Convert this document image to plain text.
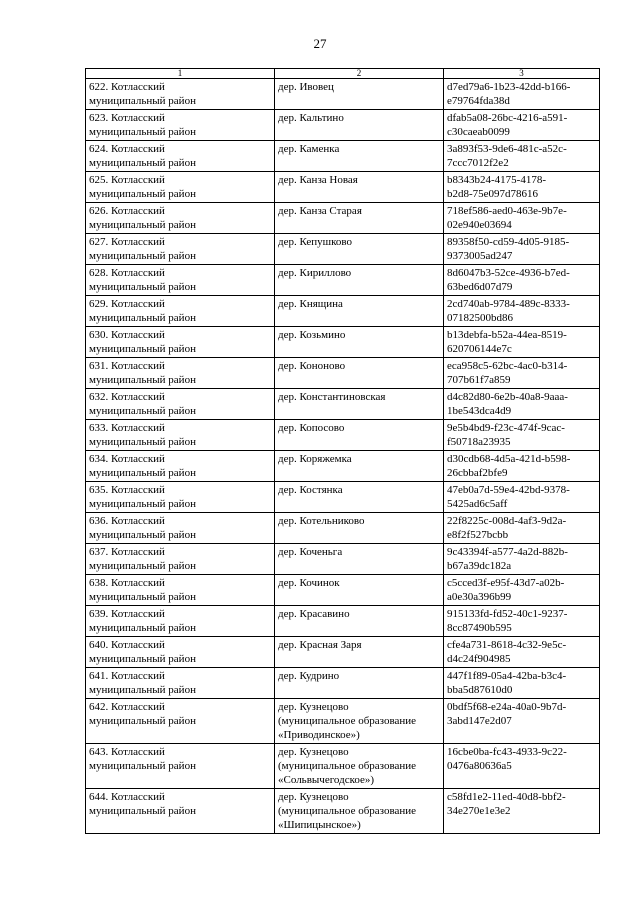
27
1	2	3

622. Котласский
муниципальный район	дер. Ивовец	d7ed79a6-1b23-42dd-b166-
e79764fda38d

623. Котласский
муниципальный район	дер. Кальтино	dfab5a08-26bc-4216-a591-
c30caeab0099

624. Котласский
муниципальный район	дер. Каменка	3a893f53-9de6-481c-a52c-
7ccc7012f2e2

625. Котласский
муниципальный район	дер. Канза Новая	b8343b24-4175-4178-
b2d8-75e097d78616

626. Котласский
муниципальный район	дер. Канза Старая	718ef586-aed0-463e-9b7e-
02e940e03694

627. Котласский
муниципальный район	дер. Кепушково	89358f50-cd59-4d05-9185-
9373005ad247

628. Котласский
муниципальный район	дер. Кириллово	8d6047b3-52ce-4936-b7ed-
63bed6d07d79

629. Котласский
муниципальный район	дер. Княщина	2cd740ab-9784-489c-8333-
07182500bd86

630. Котласский
муниципальный район	дер. Козьмино	b13debfa-b52a-44ea-8519-
620706144e7c

631. Котласский
муниципальный район	дер. Кононово	eca958c5-62bc-4ac0-b314-
707b61f7a859

632. Котласский
муниципальный район	дер. Константиновская	d4c82d80-6e2b-40a8-9aaa-
1be543dca4d9

633. Котласский
муниципальный район	дер. Копосово	9e5b4bd9-f23c-474f-9cac-
f50718a23935

634. Котласский
муниципальный район	дер. Коряжемка	d30cdb68-4d5a-421d-b598-
26cbbaf2bfe9

635. Котласский
муниципальный район	дер. Костянка	47eb0a7d-59e4-42bd-9378-
5425ad6c5aff

636. Котласский
муниципальный район	дер. Котельниково	22f8225c-008d-4af3-9d2a-
e8f2f527bcbb

637. Котласский
муниципальный район	дер. Коченьга	9c43394f-a577-4a2d-882b-
b67a39dc182a

638. Котласский
муниципальный район	дер. Кочинок	c5cced3f-e95f-43d7-a02b-
a0e30a396b99

639. Котласский
муниципальный район	дер. Красавино	915133fd-fd52-40c1-9237-
8cc87490b595

640. Котласский
муниципальный район	дер. Красная Заря	cfe4a731-8618-4c32-9e5c-
d4c24f904985

641. Котласский
муниципальный район	дер. Кудрино	447f1f89-05a4-42ba-b3c4-
bba5d87610d0

642. Котласский
муниципальный район	дер. Кузнецово
(муниципальное образование
«Приводинское»)	0bdf5f68-e24a-40a0-9b7d-
3abd147e2d07

643. Котласский
муниципальный район	дер. Кузнецово
(муниципальное образование
«Сольвычегодское»)	16cbe0ba-fc43-4933-9c22-
0476a80636a5

644. Котласский
муниципальный район	дер. Кузнецово
(муниципальное образование
«Шипицынское»)	c58fd1e2-11ed-40d8-bbf2-
34e270e1e3e2
